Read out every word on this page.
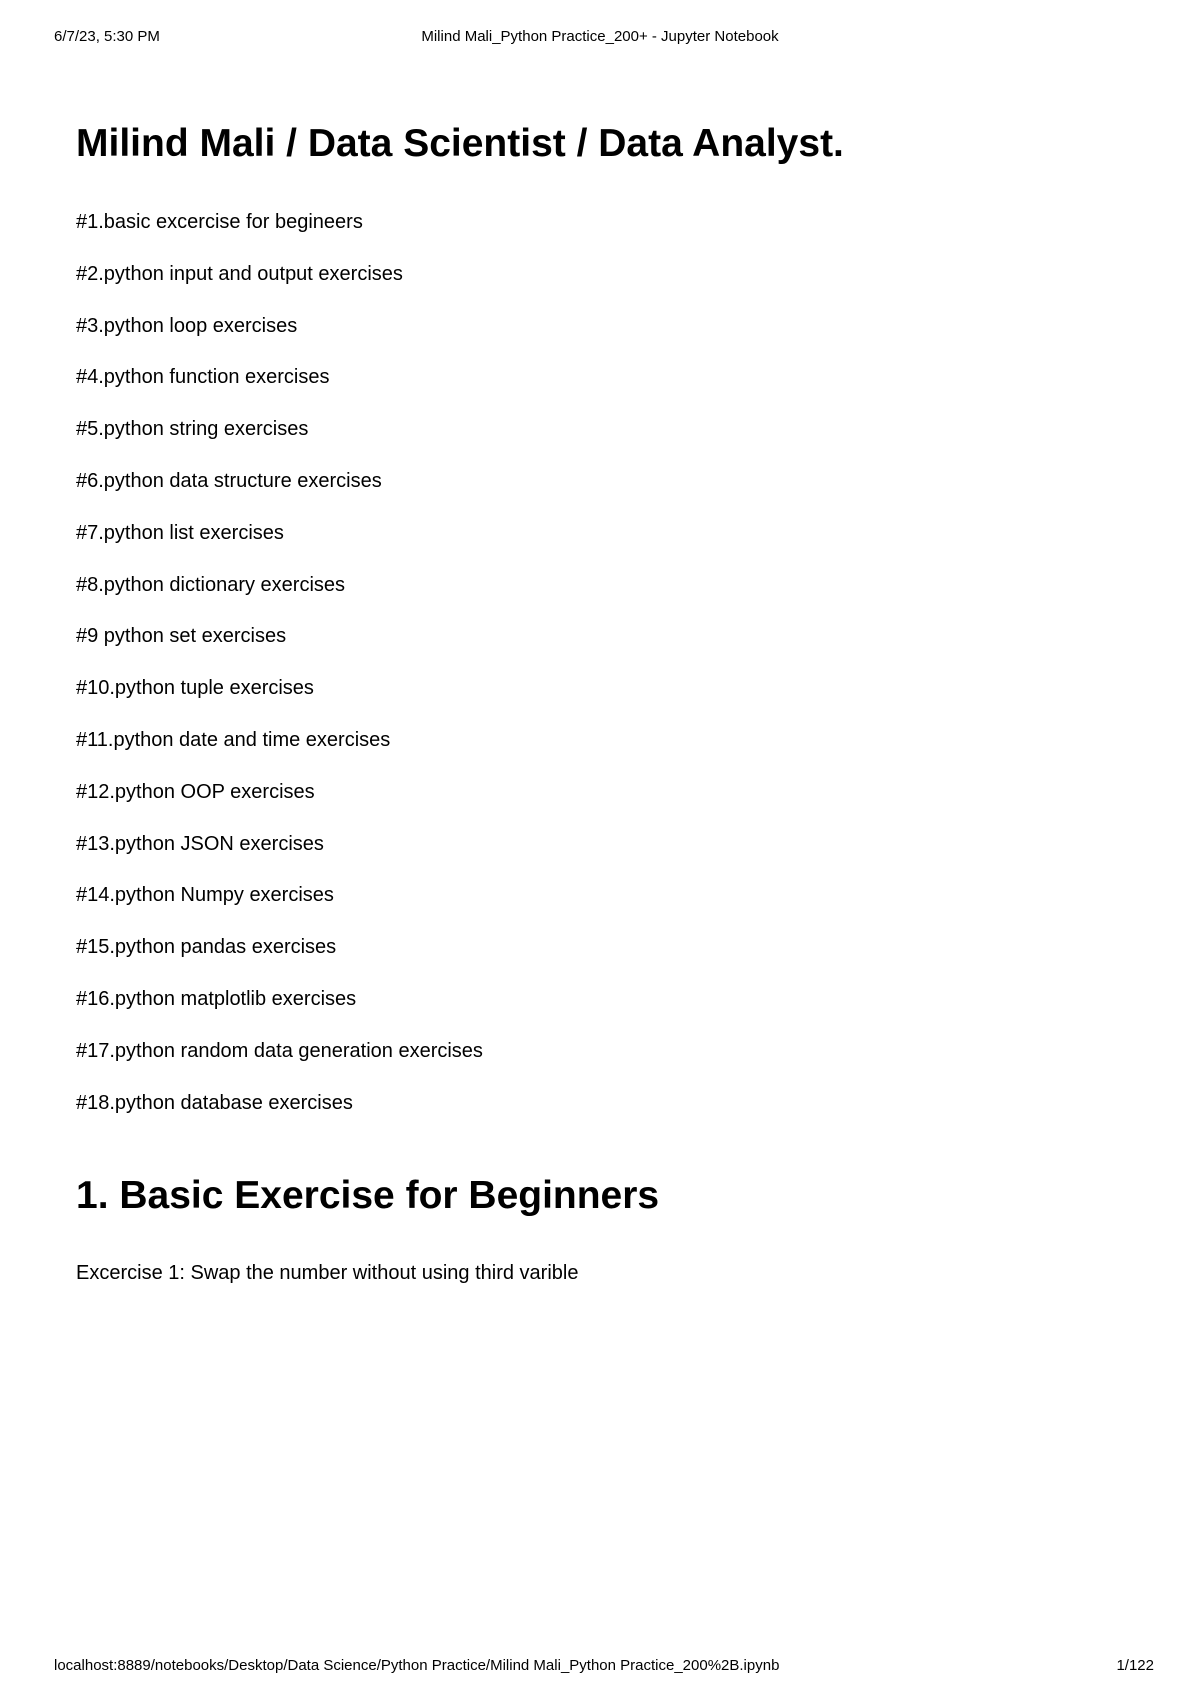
6/7/23, 5:30 PM	Milind Mali_Python Practice_200+ - Jupyter Notebook
Milind Mali / Data Scientist / Data Analyst.
#1.basic excercise for begineers
#2.python input and output exercises
#3.python loop exercises
#4.python function exercises
#5.python string exercises
#6.python data structure exercises
#7.python list exercises
#8.python dictionary exercises
#9 python set exercises
#10.python tuple exercises
#11.python date and time exercises
#12.python OOP exercises
#13.python JSON exercises
#14.python Numpy exercises
#15.python pandas exercises
#16.python matplotlib exercises
#17.python random data generation exercises
#18.python database exercises
1. Basic Exercise for Beginners

Excercise 1: Swap the number without using third varible

localhost:8889/notebooks/Desktop/Data Science/Python Practice/Milind Mali_Python Practice_200%2B.ipynb	1/122
